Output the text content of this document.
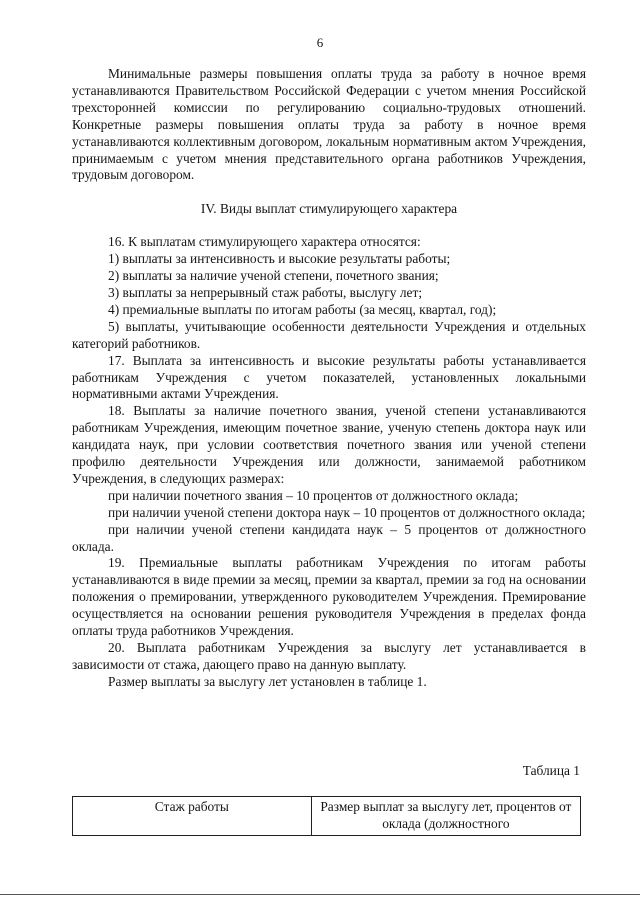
6

Минимальные размеры повышения оплаты труда за работу в ночное время устанавливаются Правительством Российской Федерации с учетом мнения Российской трехсторонней комиссии по регулированию социально-трудовых отношений. Конкретные размеры повышения оплаты труда за работу в ночное время устанавливаются коллективным договором, локальным нормативным актом Учреждения, принимаемым с учетом мнения представительного органа работников Учреждения, трудовым договором.

IV. Виды выплат стимулирующего характера

16. К выплатам стимулирующего характера относятся:

1) выплаты за интенсивность и высокие результаты работы;

2) выплаты за наличие ученой степени, почетного звания;

3) выплаты за непрерывный стаж работы, выслугу лет;

4) премиальные выплаты по итогам работы (за месяц, квартал, год);

5) выплаты, учитывающие особенности деятельности Учреждения и отдельных категорий работников.

17. Выплата за интенсивность и высокие результаты работы устанавливается работникам Учреждения с учетом показателей, установленных локальными нормативными актами Учреждения.

18. Выплаты за наличие почетного звания, ученой степени устанавливаются работникам Учреждения, имеющим почетное звание, ученую степень доктора наук или кандидата наук, при условии соответствия почетного звания или ученой степени профилю деятельности Учреждения или должности, занимаемой работником Учреждения, в следующих размерах:

при наличии почетного звания – 10 процентов от должностного оклада;

при наличии ученой степени доктора наук – 10 процентов от должностного оклада;

при наличии ученой степени кандидата наук – 5 процентов от должностного оклада.

19. Премиальные выплаты работникам Учреждения по итогам работы устанавливаются в виде премии за месяц, премии за квартал, премии за год на основании положения о премировании, утвержденного руководителем Учреждения. Премирование осуществляется на основании решения руководителя Учреждения в пределах фонда оплаты труда работников Учреждения.

20. Выплата работникам Учреждения за выслугу лет устанавливается в зависимости от стажа, дающего право на данную выплату.

Размер выплаты за выслугу лет установлен в таблице 1.

Таблица 1
Стаж работы	Размер выплат за выслугу лет, процентов от оклада (должностного
